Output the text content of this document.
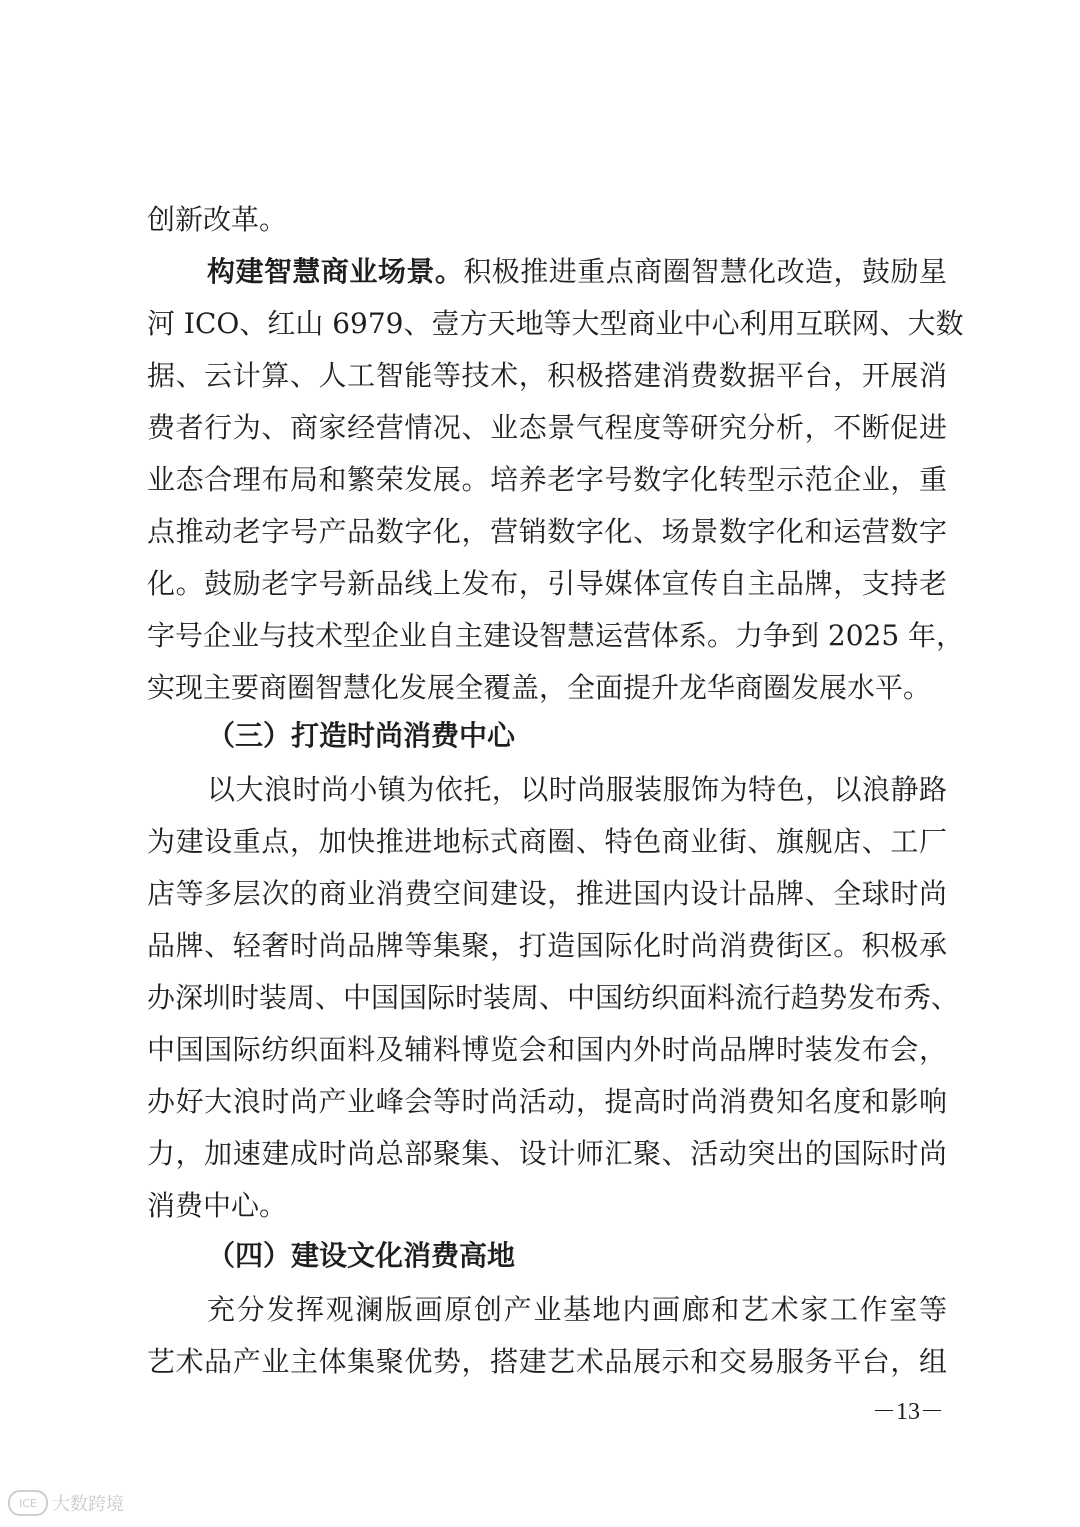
创新改革。
构建智慧商业场景。积极推进重点商圈智慧化改造，鼓励星
河 ICO、红山 6979、壹方天地等大型商业中心利用互联网、大数
据、云计算、人工智能等技术，积极搭建消费数据平台，开展消
费者行为、商家经营情况、业态景气程度等研究分析，不断促进
业态合理布局和繁荣发展。培养老字号数字化转型示范企业，重
点推动老字号产品数字化，营销数字化、场景数字化和运营数字
化。鼓励老字号新品线上发布，引导媒体宣传自主品牌，支持老
字号企业与技术型企业自主建设智慧运营体系。力争到 2025 年，
实现主要商圈智慧化发展全覆盖，全面提升龙华商圈发展水平。
（三）打造时尚消费中心
以大浪时尚小镇为依托，以时尚服装服饰为特色，以浪静路
为建设重点，加快推进地标式商圈、特色商业街、旗舰店、工厂
店等多层次的商业消费空间建设，推进国内设计品牌、全球时尚
品牌、轻奢时尚品牌等集聚，打造国际化时尚消费街区。积极承
办深圳时装周、中国国际时装周、中国纺织面料流行趋势发布秀、
中国国际纺织面料及辅料博览会和国内外时尚品牌时装发布会，
办好大浪时尚产业峰会等时尚活动，提高时尚消费知名度和影响
力，加速建成时尚总部聚集、设计师汇聚、活动突出的国际时尚
消费中心。
（四）建设文化消费高地
充分发挥观澜版画原创产业基地内画廊和艺术家工作室等
艺术品产业主体集聚优势，搭建艺术品展示和交易服务平台，组
－13－
ICE 大数跨境
